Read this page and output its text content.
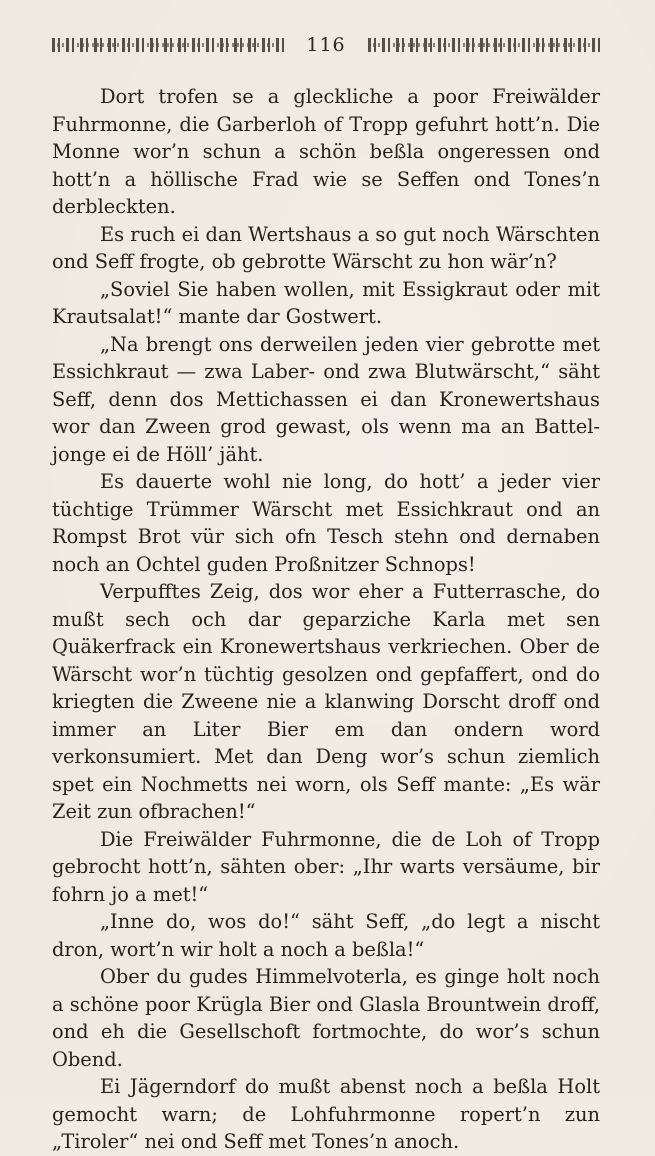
116

Dort trofen se a gleckliche a poor Freiwälder Fuhrmonne, die Garberloh of Tropp gefuhrt hott’n. Die Monne wor’n schun a schön beßla ongeressen ond hott’n a höllische Frad wie se Seffen ond Tones’n derbleckten.

Es ruch ei dan Wertshaus a so gut noch Wärschten ond Seff frogte, ob gebrotte Wärscht zu hon wär’n?

„Soviel Sie haben wollen, mit Essigkraut oder mit Krautsalat!“ mante dar Gostwert.

„Na brengt ons derweilen jeden vier gebrotte met Essichkraut — zwa Laber- ond zwa Blutwärscht,“ säht Seff, denn dos Mettichassen ei dan Kronewertshaus wor dan Zween grod gewast, ols wenn ma an Battel-jonge ei de Höll’ jäht.

Es dauerte wohl nie long, do hott’ a jeder vier tüchtige Trümmer Wärscht met Essichkraut ond an Rompst Brot vür sich ofn Tesch stehn ond dernaben noch an Ochtel guden Proßnitzer Schnops!

Verpufftes Zeig, dos wor eher a Futterrasche, do mußt sech och dar geparziche Karla met sen Quäkerfrack ein Kronewertshaus verkriechen. Ober de Wärscht wor’n tüchtig gesolzen ond gepfaffert, ond do kriegten die Zweene nie a klanwing Dorscht droff ond immer an Liter Bier em dan ondern word verkonsumiert. Met dan Deng wor’s schun ziemlich spet ein Nochmetts nei worn, ols Seff mante: „Es wär Zeit zun ofbrachen!“

Die Freiwälder Fuhrmonne, die de Loh of Tropp gebrocht hott’n, sähten ober: „Ihr warts versäume, bir fohrn jo a met!“

„Inne do, wos do!“ säht Seff, „do legt a nischt dron, wort’n wir holt a noch a beßla!“

Ober du gudes Himmelvoterla, es ginge holt noch a schöne poor Krügla Bier ond Glasla Brountwein droff, ond eh die Gesellschoft fortmochte, do wor’s schun Obend.

Ei Jägerndorf do mußt abenst noch a beßla Holt gemocht warn; de Lohfuhrmonne ropert’n zun „Tiroler“ nei ond Seff met Tones’n anoch.
